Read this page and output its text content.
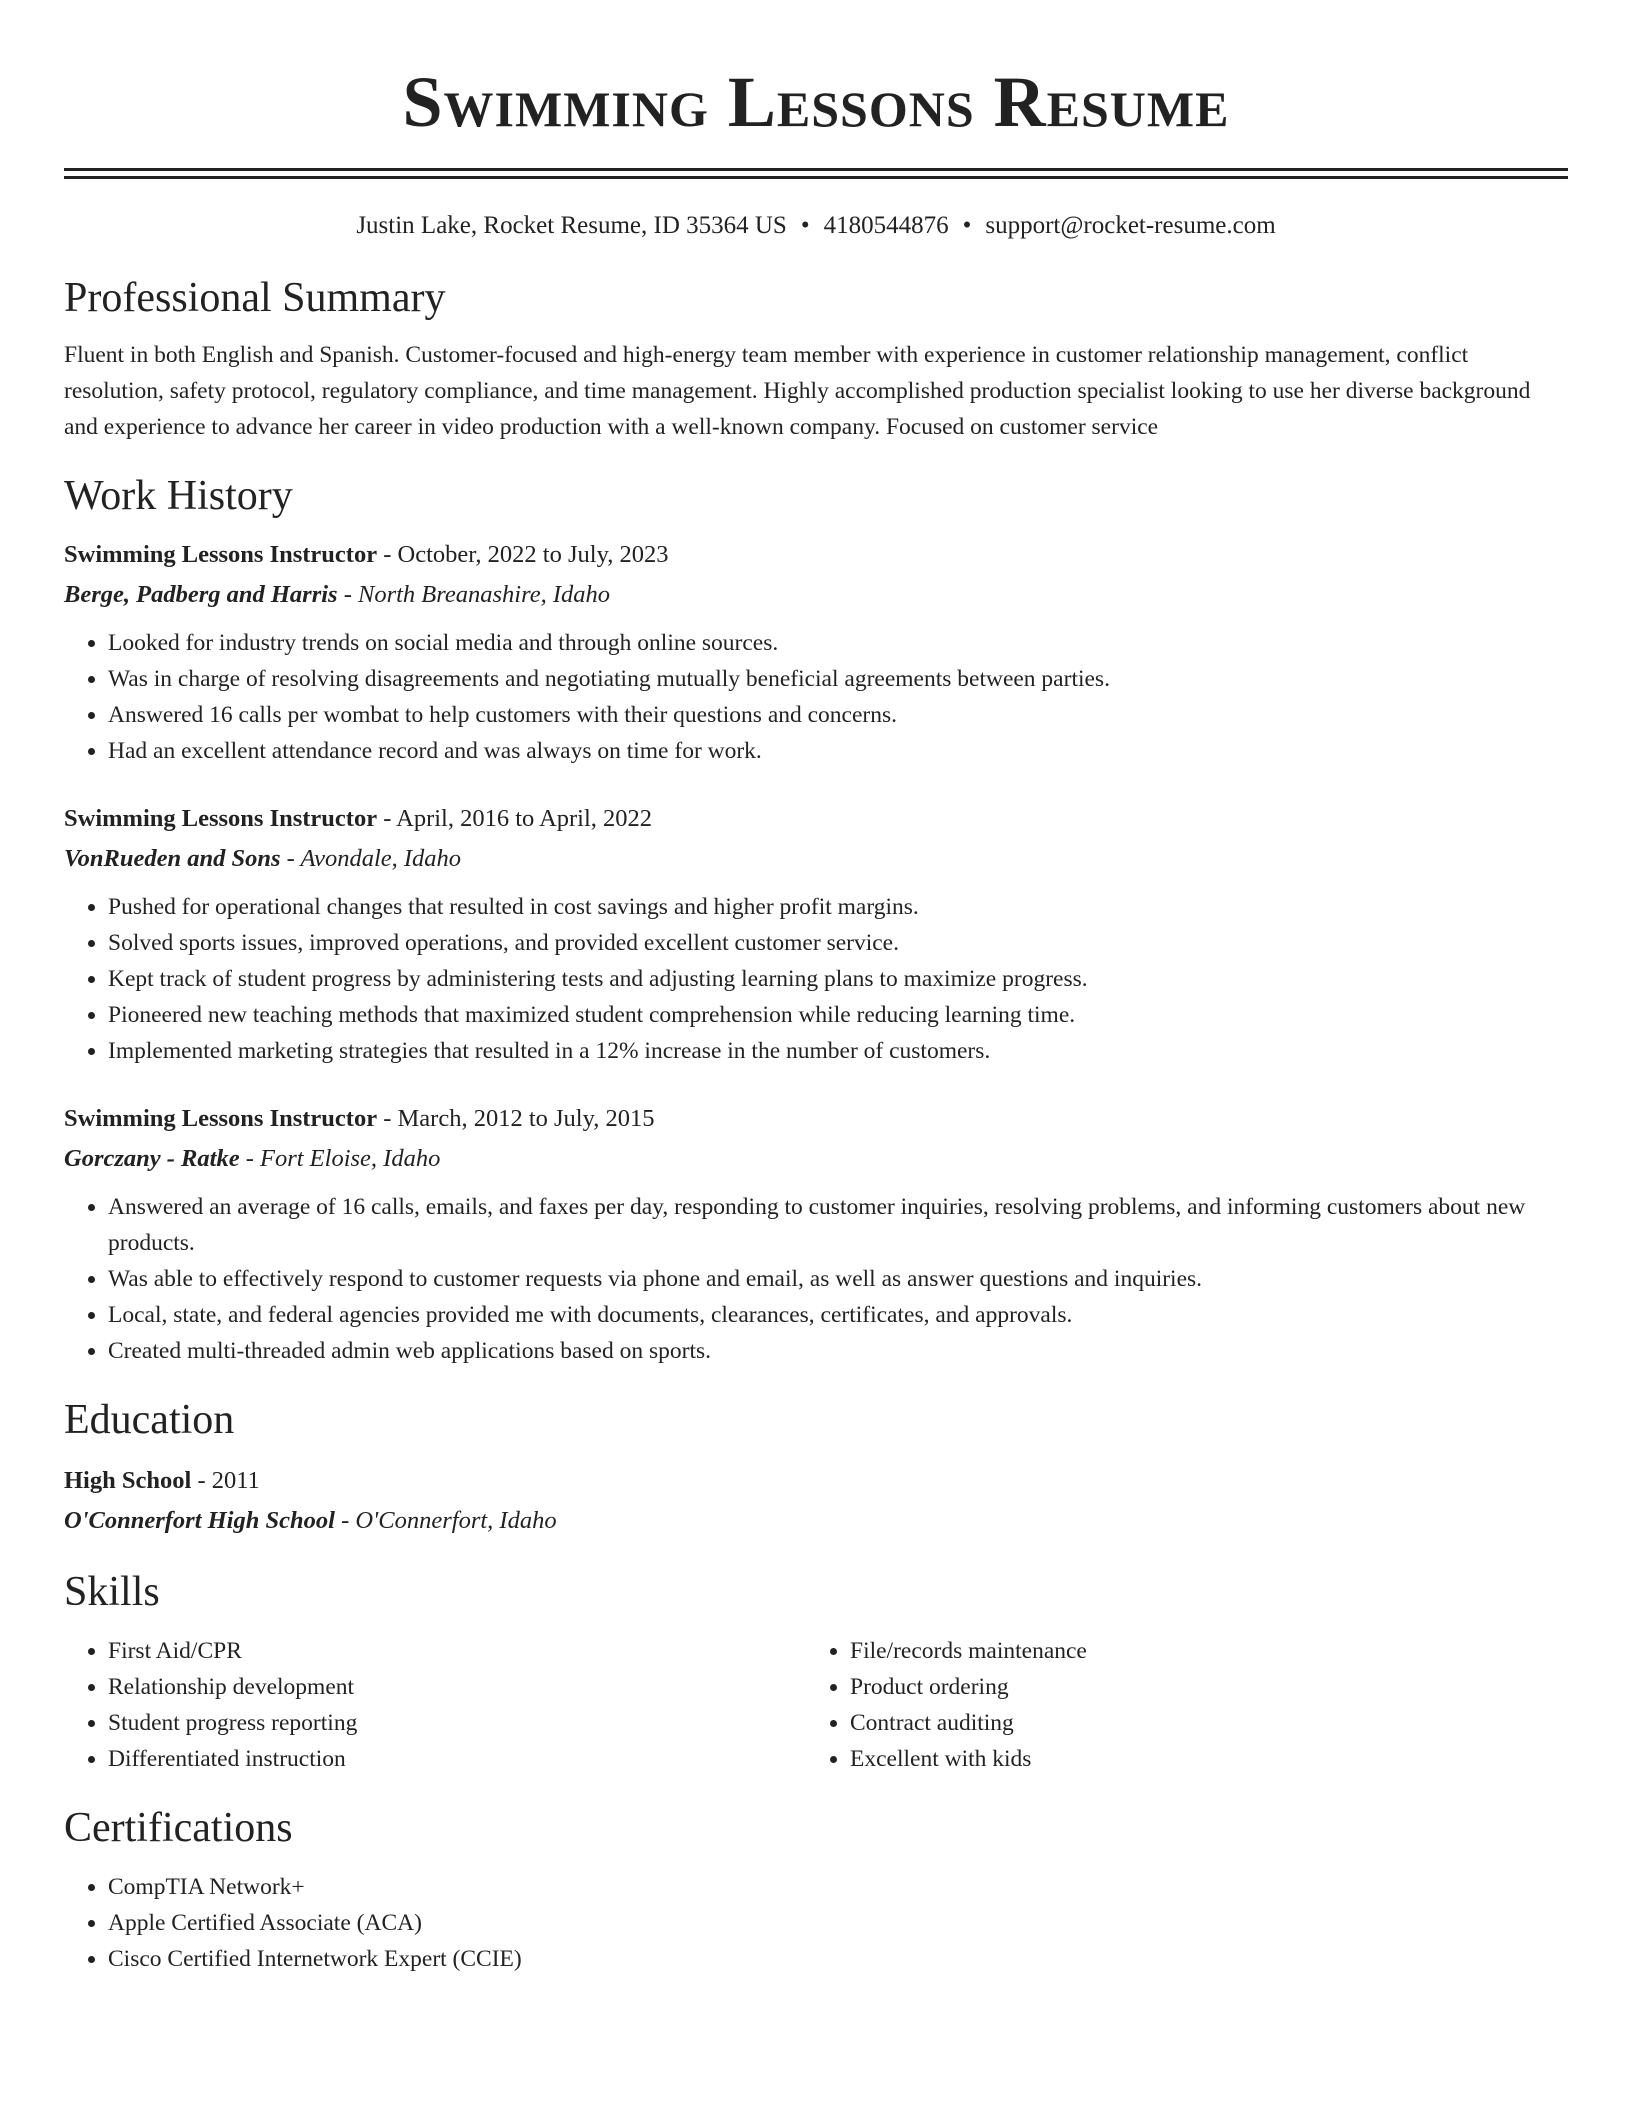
Swimming Lessons Resume
Justin Lake, Rocket Resume, ID 35364 US • 4180544876 • support@rocket-resume.com
Professional Summary

Fluent in both English and Spanish. Customer-focused and high-energy team member with experience in customer relationship management, conflict resolution, safety protocol, regulatory compliance, and time management. Highly accomplished production specialist looking to use her diverse background and experience to advance her career in video production with a well-known company. Focused on customer service

Work History
Swimming Lessons Instructor - October, 2022 to July, 2023
Berge, Padberg and Harris - North Breanashire, Idaho
• Looked for industry trends on social media and through online sources.
• Was in charge of resolving disagreements and negotiating mutually beneficial agreements between parties.
• Answered 16 calls per wombat to help customers with their questions and concerns.
• Had an excellent attendance record and was always on time for work.
Swimming Lessons Instructor - April, 2016 to April, 2022
VonRueden and Sons - Avondale, Idaho
• Pushed for operational changes that resulted in cost savings and higher profit margins.
• Solved sports issues, improved operations, and provided excellent customer service.
• Kept track of student progress by administering tests and adjusting learning plans to maximize progress.
• Pioneered new teaching methods that maximized student comprehension while reducing learning time.
• Implemented marketing strategies that resulted in a 12% increase in the number of customers.
Swimming Lessons Instructor - March, 2012 to July, 2015
Gorczany - Ratke - Fort Eloise, Idaho
• Answered an average of 16 calls, emails, and faxes per day, responding to customer inquiries, resolving problems, and informing customers about new products.
• Was able to effectively respond to customer requests via phone and email, as well as answer questions and inquiries.
• Local, state, and federal agencies provided me with documents, clearances, certificates, and approvals.
• Created multi-threaded admin web applications based on sports.
Education
High School - 2011
O'Connerfort High School - O'Connerfort, Idaho
Skills
• First Aid/CPR
• Relationship development
• Student progress reporting
• Differentiated instruction
• File/records maintenance
• Product ordering
• Contract auditing
• Excellent with kids
Certifications
• CompTIA Network+
• Apple Certified Associate (ACA)
• Cisco Certified Internetwork Expert (CCIE)
